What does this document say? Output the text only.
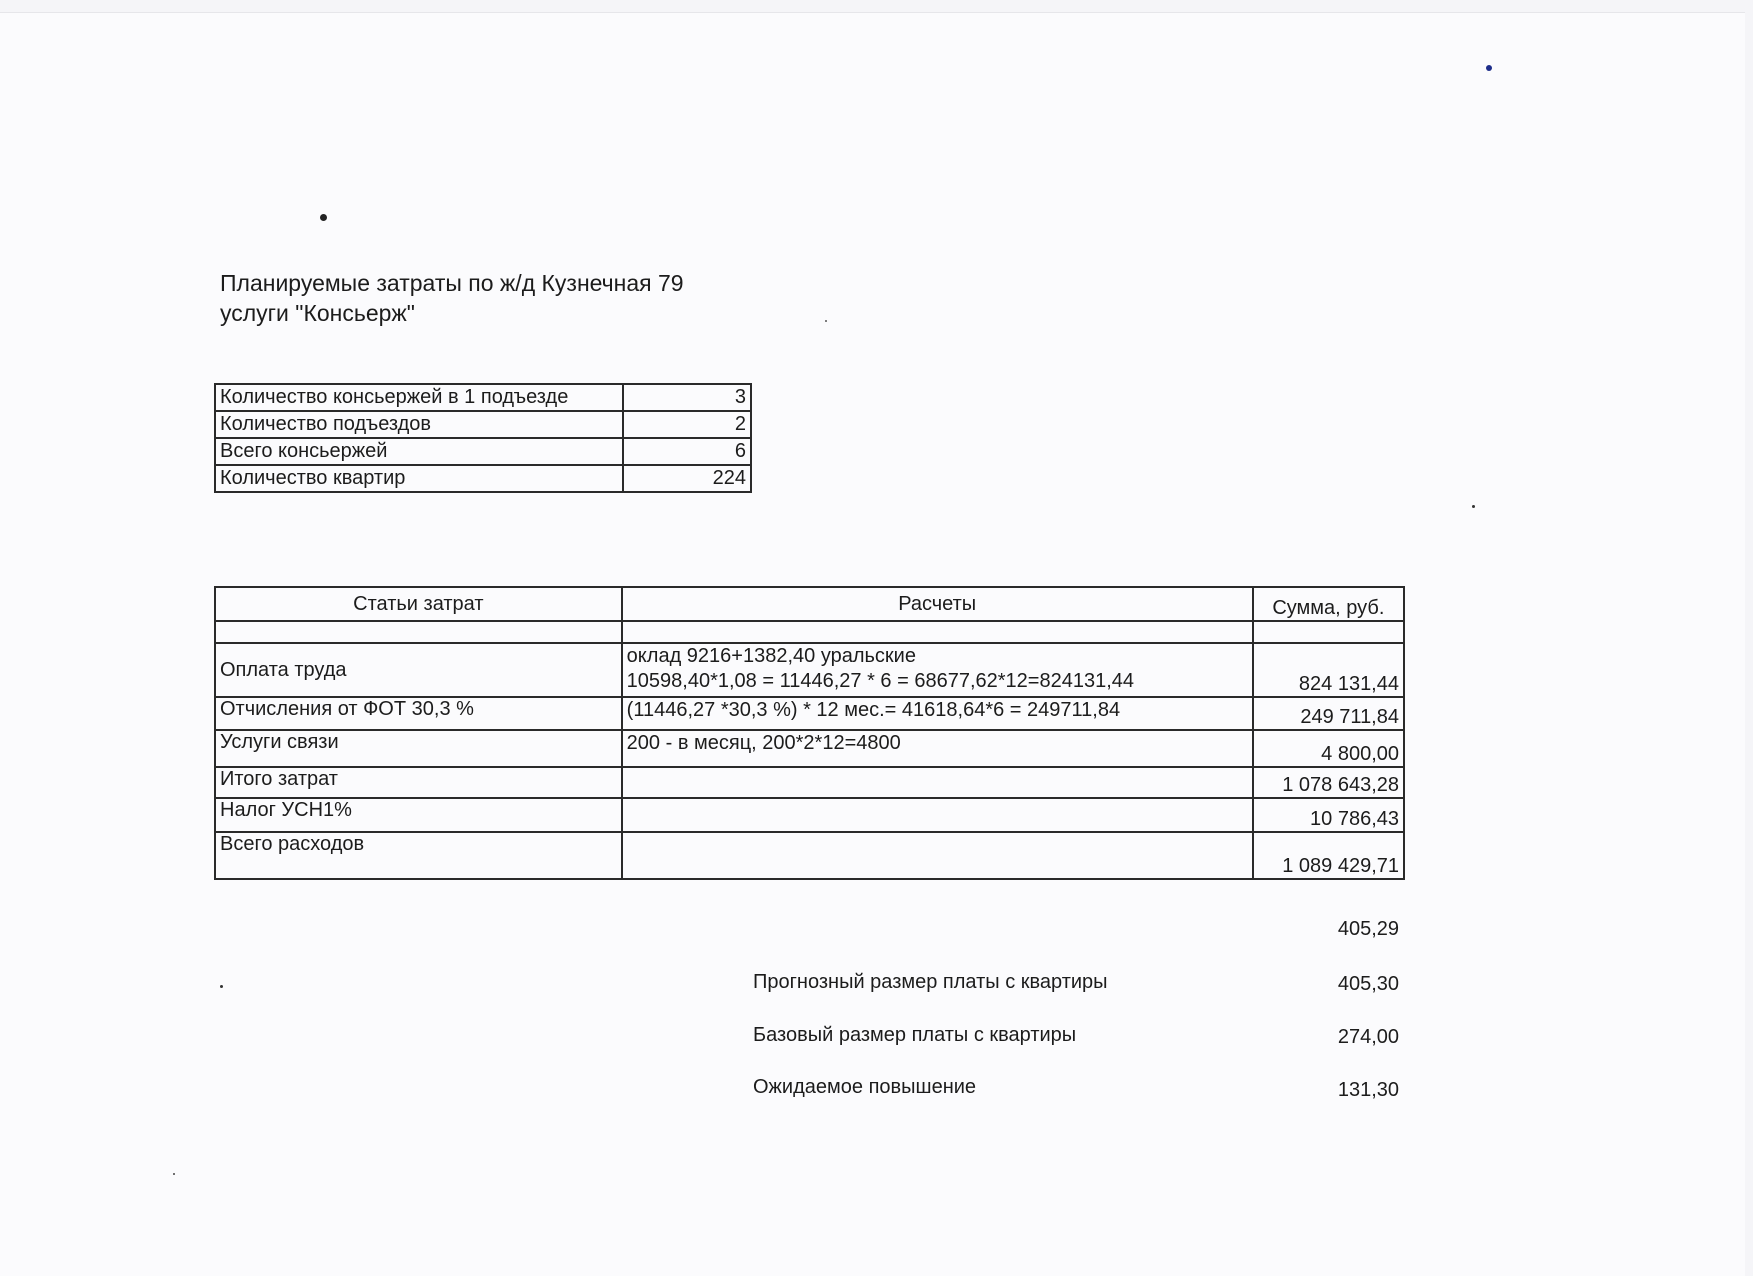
Планируемые затраты по ж/д Кузнечная 79
услуги "Консьерж"
Количество консьержей в 1 подъезде	3
Количество подъездов	2
Всего консьержей	6
Количество квартир	224
Статьи затрат	Расчеты	Сумма, руб.

Оплата труда	оклад 9216+1382,40 уральские
10598,40*1,08 = 11446,27 * 6 = 68677,62*12=824131,44	824 131,44
Отчисления от ФОТ 30,3 %	(11446,27 *30,3 %) * 12 мес.= 41618,64*6 = 249711,84	249 711,84
Услуги связи	200 - в месяц, 200*2*12=4800	4 800,00
Итого затрат		1 078 643,28
Налог УСН1%		10 786,43
Всего расходов		1 089 429,71
405,29
Прогнозный размер платы с квартиры	405,30
Базовый размер платы с квартиры	274,00
Ожидаемое повышение	131,30
